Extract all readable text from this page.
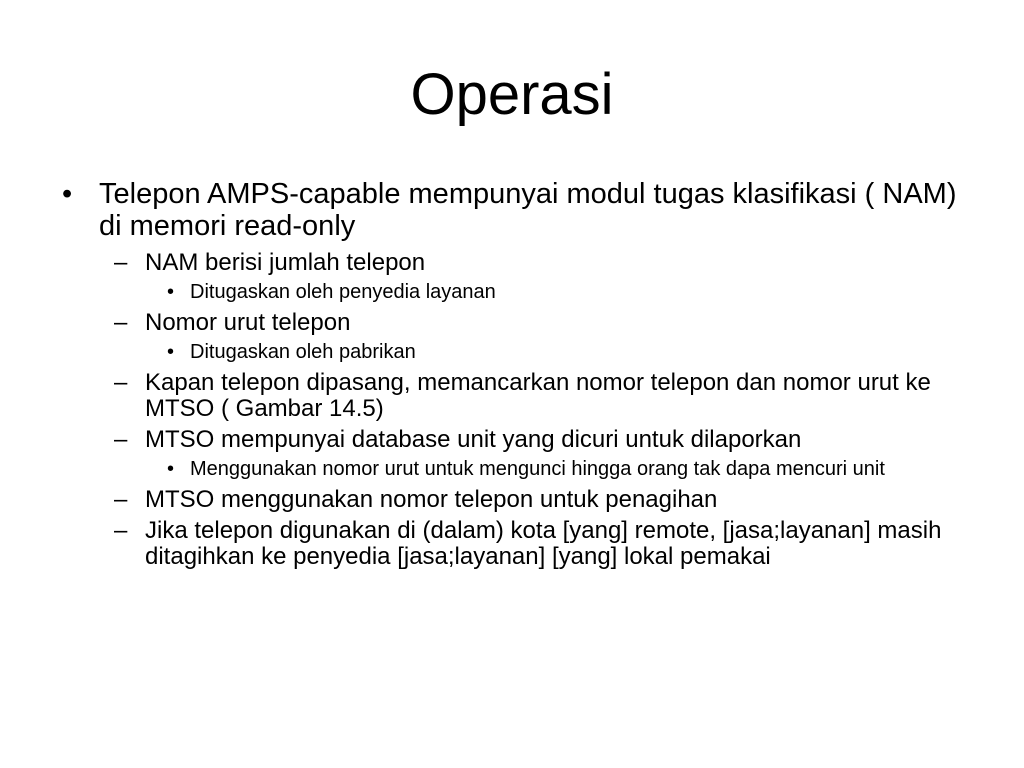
Operasi
• Telepon AMPS-capable mempunyai modul tugas klasifikasi ( NAM) di memori read-only
– NAM berisi jumlah telepon
• Ditugaskan oleh penyedia layanan
– Nomor urut telepon
• Ditugaskan oleh pabrikan
– Kapan telepon dipasang, memancarkan nomor telepon dan nomor urut ke MTSO ( Gambar 14.5)
– MTSO mempunyai database unit yang dicuri untuk dilaporkan
• Menggunakan nomor urut untuk mengunci hingga orang tak dapa mencuri unit
– MTSO menggunakan nomor telepon untuk penagihan
– Jika telepon digunakan di (dalam) kota [yang] remote, [jasa;layanan] masih ditagihkan ke penyedia [jasa;layanan] [yang] lokal pemakai
